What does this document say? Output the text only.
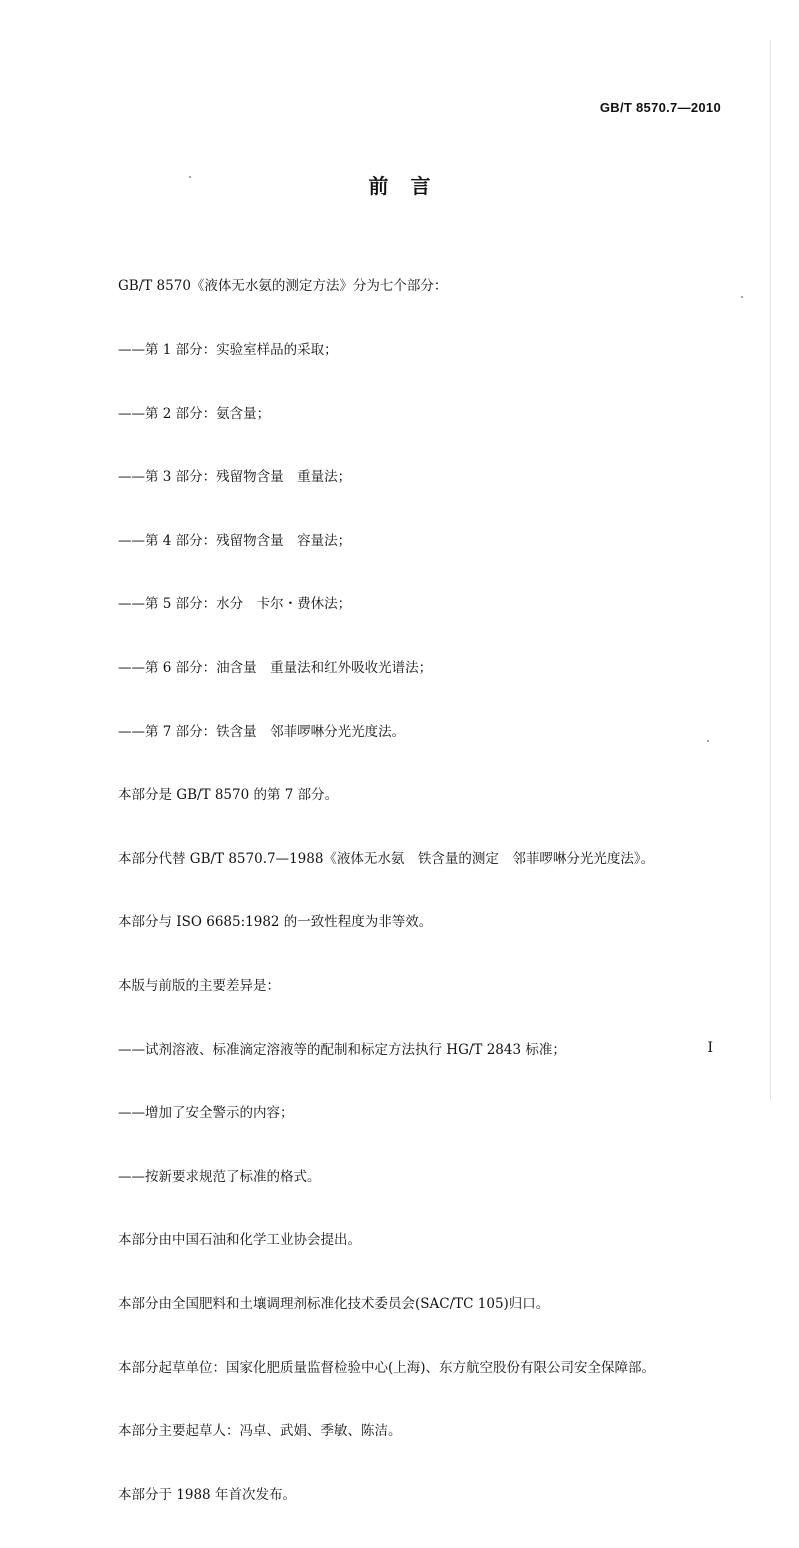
GB/T 8570.7—2010
前言

GB/T 8570《液体无水氨的测定方法》分为七个部分：

——第 1 部分：实验室样品的采取；

——第 2 部分：氨含量；

——第 3 部分：残留物含量　重量法；

——第 4 部分：残留物含量　容量法；

——第 5 部分：水分　卡尔・费休法；

——第 6 部分：油含量　重量法和红外吸收光谱法；

——第 7 部分：铁含量　邻菲啰啉分光光度法。

本部分是 GB/T 8570 的第 7 部分。

本部分代替 GB/T 8570.7—1988《液体无水氨　铁含量的测定　邻菲啰啉分光光度法》。

本部分与 ISO 6685:1982 的一致性程度为非等效。

本版与前版的主要差异是：

——试剂溶液、标准滴定溶液等的配制和标定方法执行 HG/T 2843 标准；

——增加了安全警示的内容；

——按新要求规范了标准的格式。

本部分由中国石油和化学工业协会提出。

本部分由全国肥料和土壤调理剂标准化技术委员会(SAC/TC 105)归口。

本部分起草单位：国家化肥质量监督检验中心(上海)、东方航空股份有限公司安全保障部。

本部分主要起草人：冯卓、武娟、季敏、陈洁。

本部分于 1988 年首次发布。

I
